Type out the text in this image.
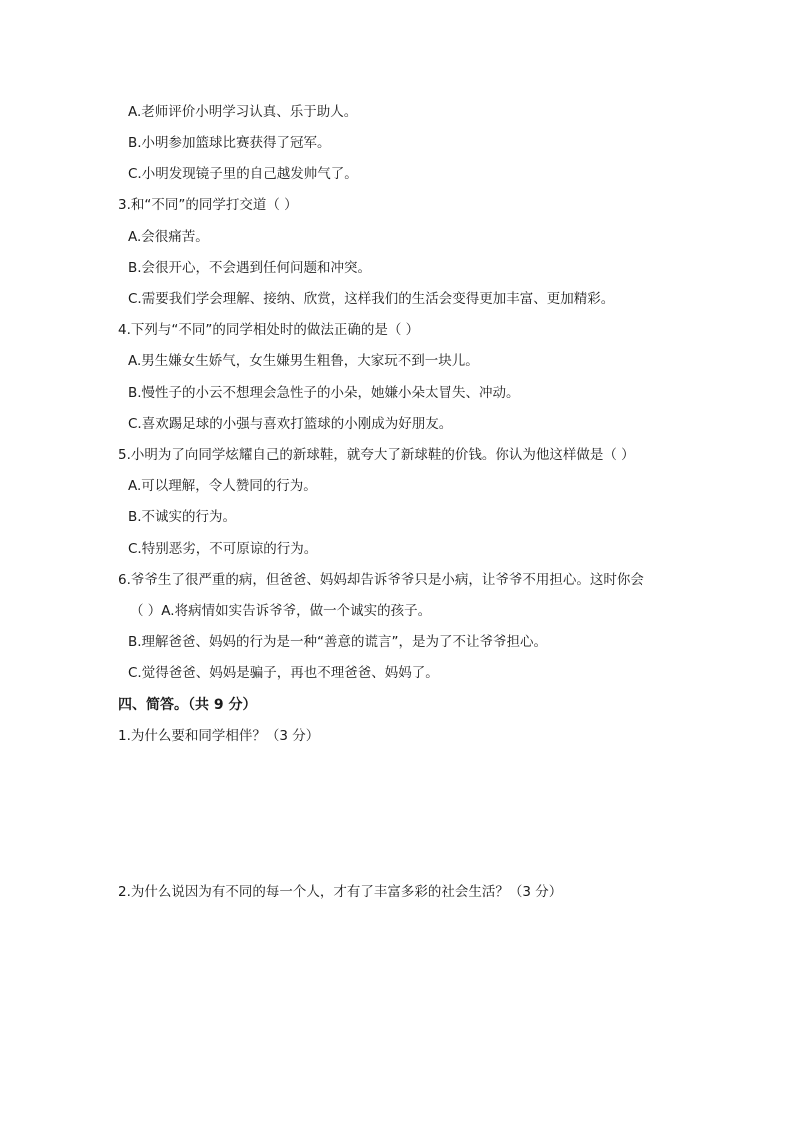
A.老师评价小明学习认真、乐于助人。
B.小明参加篮球比赛获得了冠军。
C.小明发现镜子里的自己越发帅气了。
3.和“不同”的同学打交道（ ）
A.会很痛苦。
B.会很开心，不会遇到任何问题和冲突。
C.需要我们学会理解、接纳、欣赏，这样我们的生活会变得更加丰富、更加精彩。
4.下列与“不同”的同学相处时的做法正确的是（ ）
A.男生嫌女生娇气，女生嫌男生粗鲁，大家玩不到一块儿。
B.慢性子的小云不想理会急性子的小朵，她嫌小朵太冒失、冲动。
C.喜欢踢足球的小强与喜欢打篮球的小刚成为好朋友。
5.小明为了向同学炫耀自己的新球鞋，就夸大了新球鞋的价钱。你认为他这样做是（ ）
A.可以理解，令人赞同的行为。
B.不诚实的行为。
C.特别恶劣，不可原谅的行为。
6.爷爷生了很严重的病，但爸爸、妈妈却告诉爷爷只是小病，让爷爷不用担心。这时你会
（ ）A.将病情如实告诉爷爷，做一个诚实的孩子。
B.理解爸爸、妈妈的行为是一种“善意的谎言”，是为了不让爷爷担心。
C.觉得爸爸、妈妈是骗子，再也不理爸爸、妈妈了。
四、简答。（共 9 分）
1.为什么要和同学相伴？（3 分）
2.为什么说因为有不同的每一个人，才有了丰富多彩的社会生活？（3 分）
